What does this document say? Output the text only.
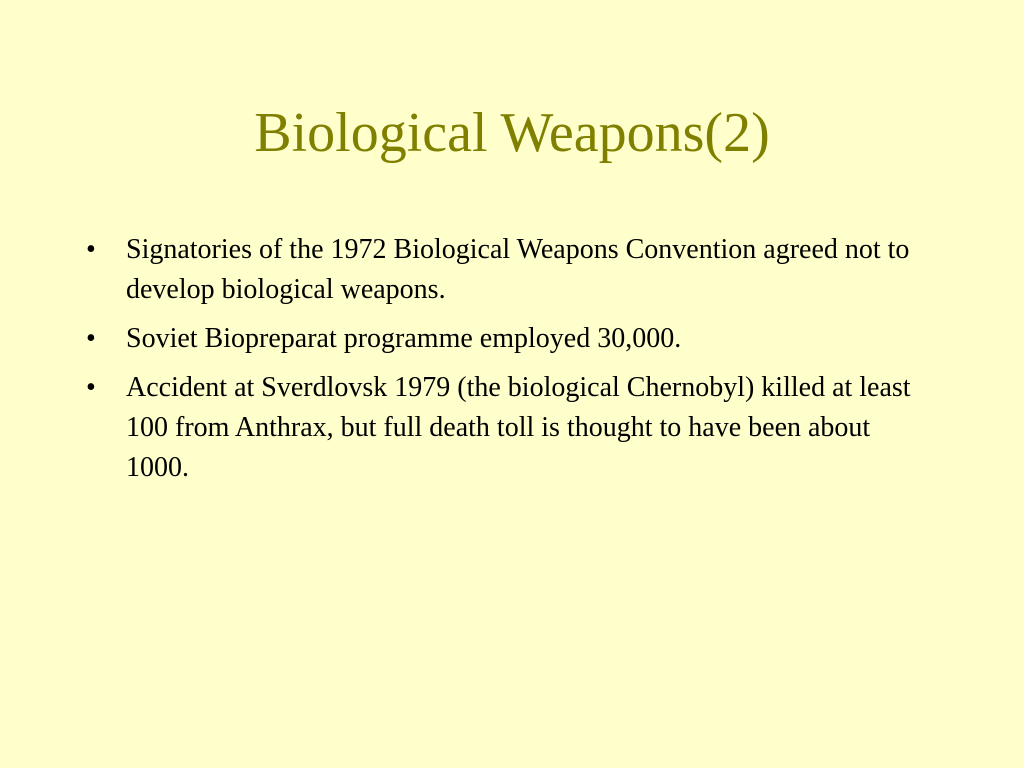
Biological Weapons(2)
• Signatories of the 1972 Biological Weapons Convention agreed not to develop biological weapons.
• Soviet Biopreparat programme employed 30,000.
• Accident at Sverdlovsk 1979 (the biological Chernobyl) killed at least 100 from Anthrax, but full death toll is thought to have been about 1000.
